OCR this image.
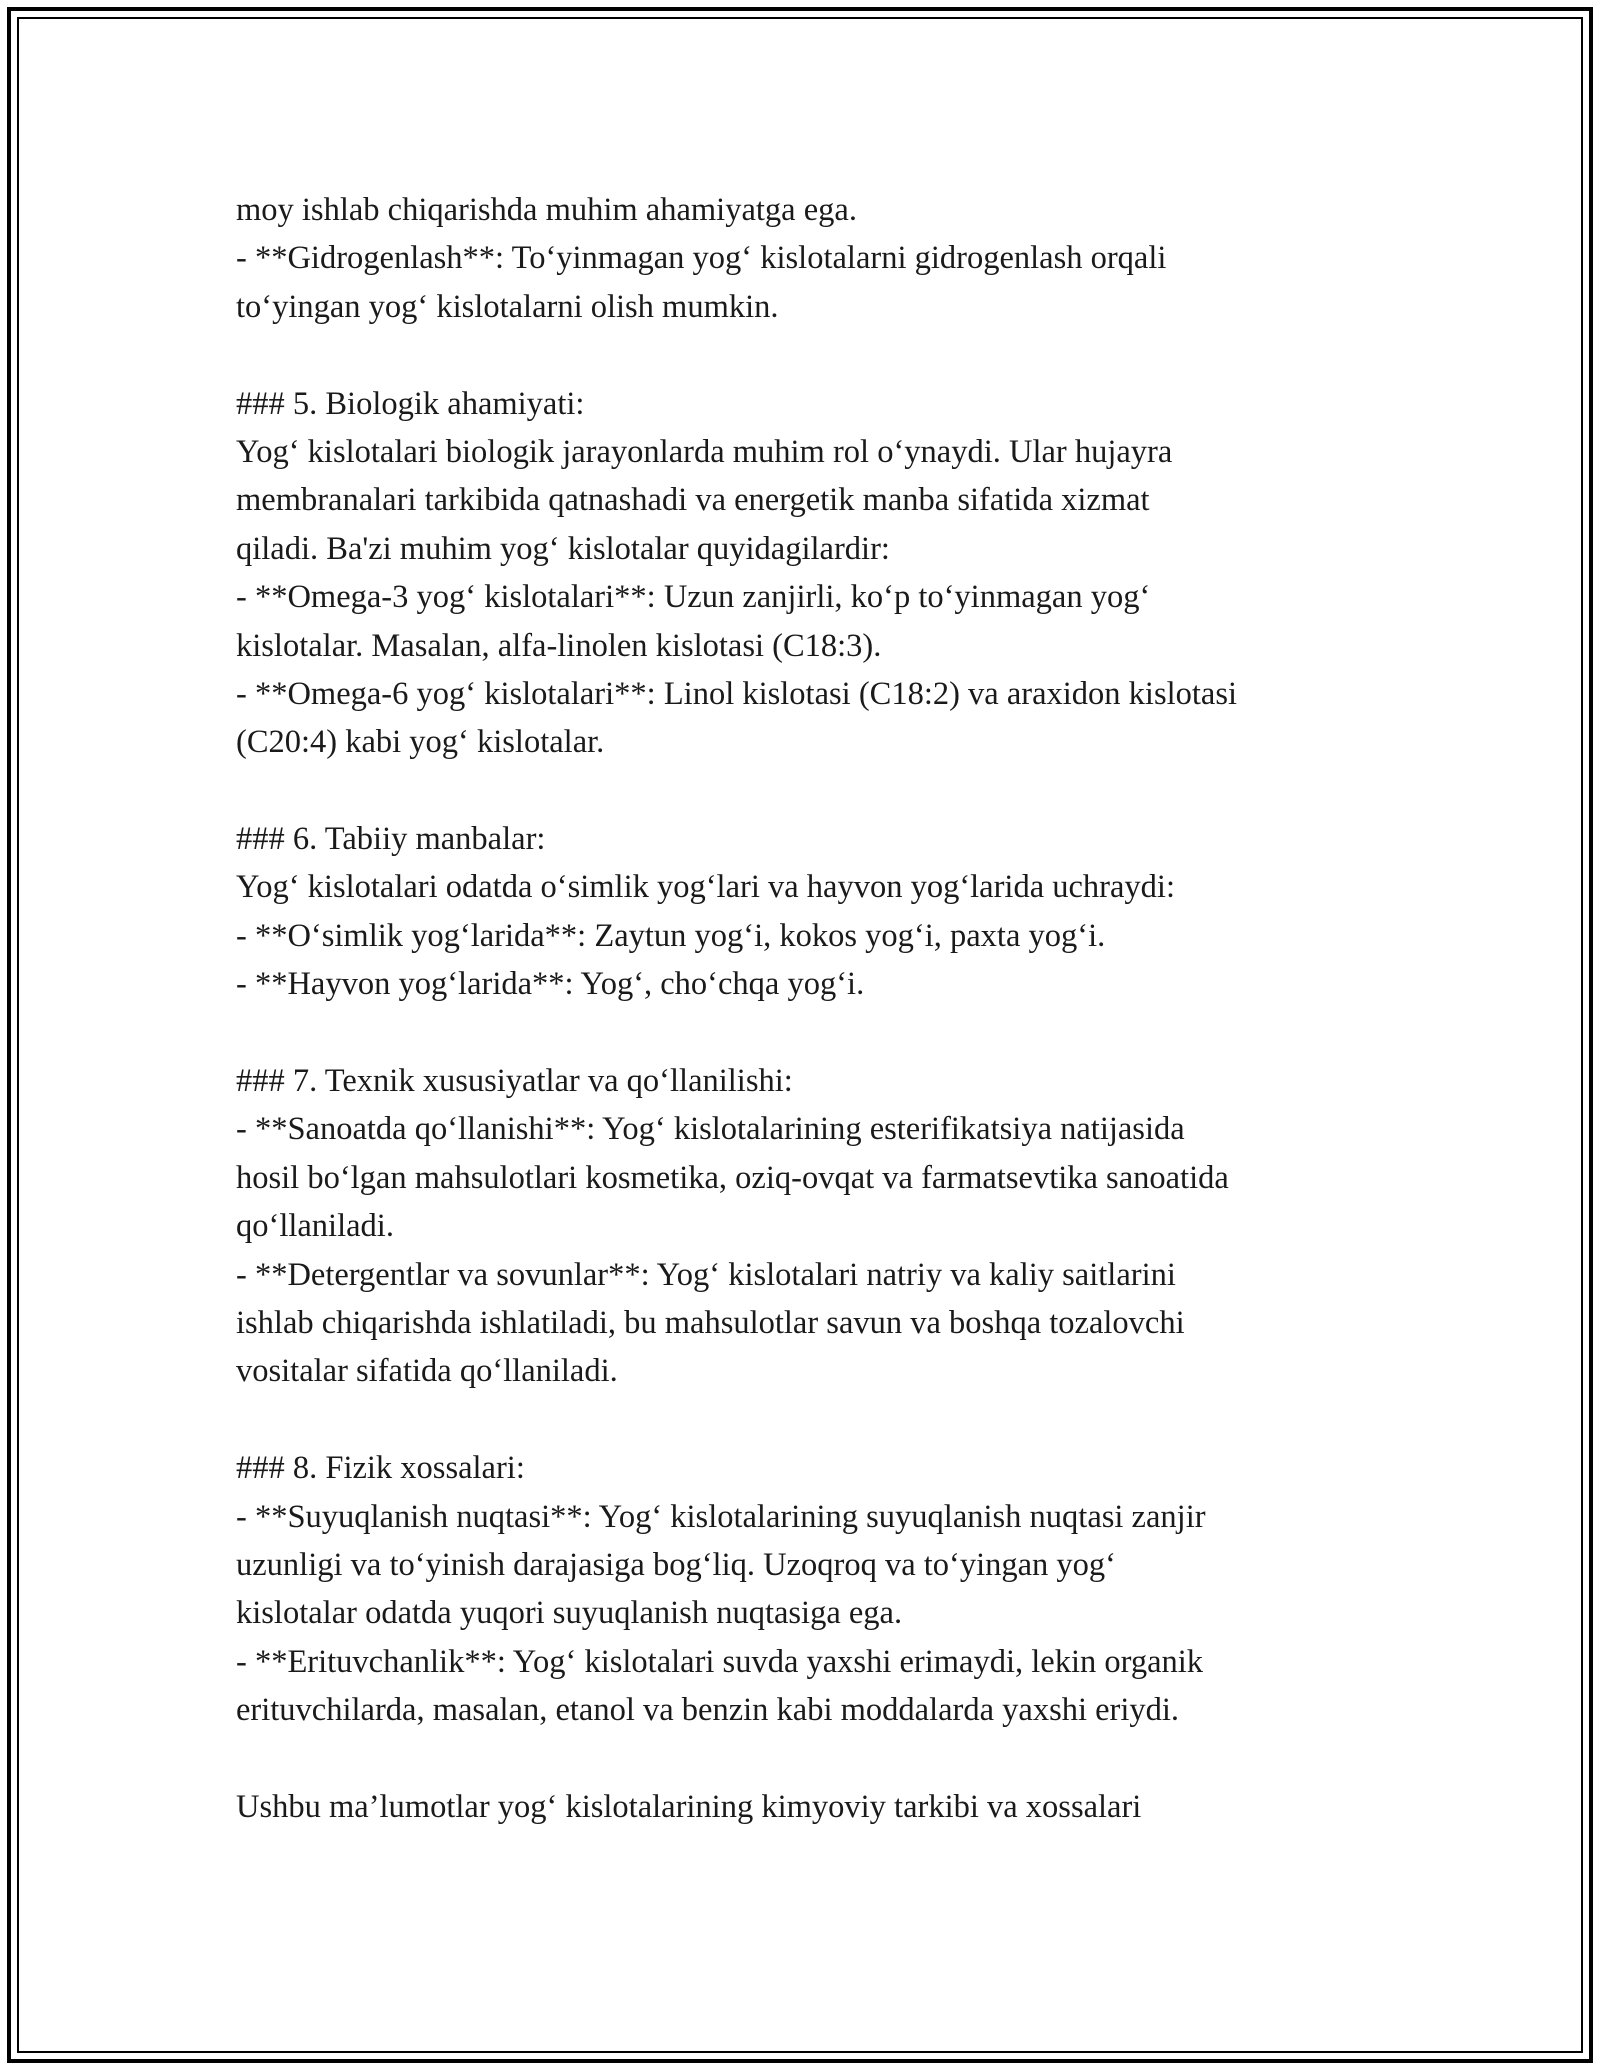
moy ishlab chiqarishda muhim ahamiyatga ega.
- **Gidrogenlash**: To‘yinmagan yog‘ kislotalarni gidrogenlash orqali
to‘yingan yog‘ kislotalarni olish mumkin.
### 5. Biologik ahamiyati:
Yog‘ kislotalari biologik jarayonlarda muhim rol o‘ynaydi. Ular hujayra
membranalari tarkibida qatnashadi va energetik manba sifatida xizmat
qiladi. Ba'zi muhim yog‘ kislotalar quyidagilardir:
- **Omega-3 yog‘ kislotalari**: Uzun zanjirli, ko‘p to‘yinmagan yog‘
kislotalar. Masalan, alfa-linolen kislotasi (C18:3).
- **Omega-6 yog‘ kislotalari**: Linol kislotasi (C18:2) va araxidon kislotasi
(C20:4) kabi yog‘ kislotalar.
### 6. Tabiiy manbalar:
Yog‘ kislotalari odatda o‘simlik yog‘lari va hayvon yog‘larida uchraydi:
- **O‘simlik yog‘larida**: Zaytun yog‘i, kokos yog‘i, paxta yog‘i.
- **Hayvon yog‘larida**: Yog‘, cho‘chqa yog‘i.
### 7. Texnik xususiyatlar va qo‘llanilishi:
- **Sanoatda qo‘llanishi**: Yog‘ kislotalarining esterifikatsiya natijasida
hosil bo‘lgan mahsulotlari kosmetika, oziq-ovqat va farmatsevtika sanoatida
qo‘llaniladi.
- **Detergentlar va sovunlar**: Yog‘ kislotalari natriy va kaliy saitlarini
ishlab chiqarishda ishlatiladi, bu mahsulotlar savun va boshqa tozalovchi
vositalar sifatida qo‘llaniladi.
### 8. Fizik xossalari:
- **Suyuqlanish nuqtasi**: Yog‘ kislotalarining suyuqlanish nuqtasi zanjir
uzunligi va to‘yinish darajasiga bog‘liq. Uzoqroq va to‘yingan yog‘
kislotalar odatda yuqori suyuqlanish nuqtasiga ega.
- **Erituvchanlik**: Yog‘ kislotalari suvda yaxshi erimaydi, lekin organik
erituvchilarda, masalan, etanol va benzin kabi moddalarda yaxshi eriydi.
Ushbu ma’lumotlar yog‘ kislotalarining kimyoviy tarkibi va xossalari
